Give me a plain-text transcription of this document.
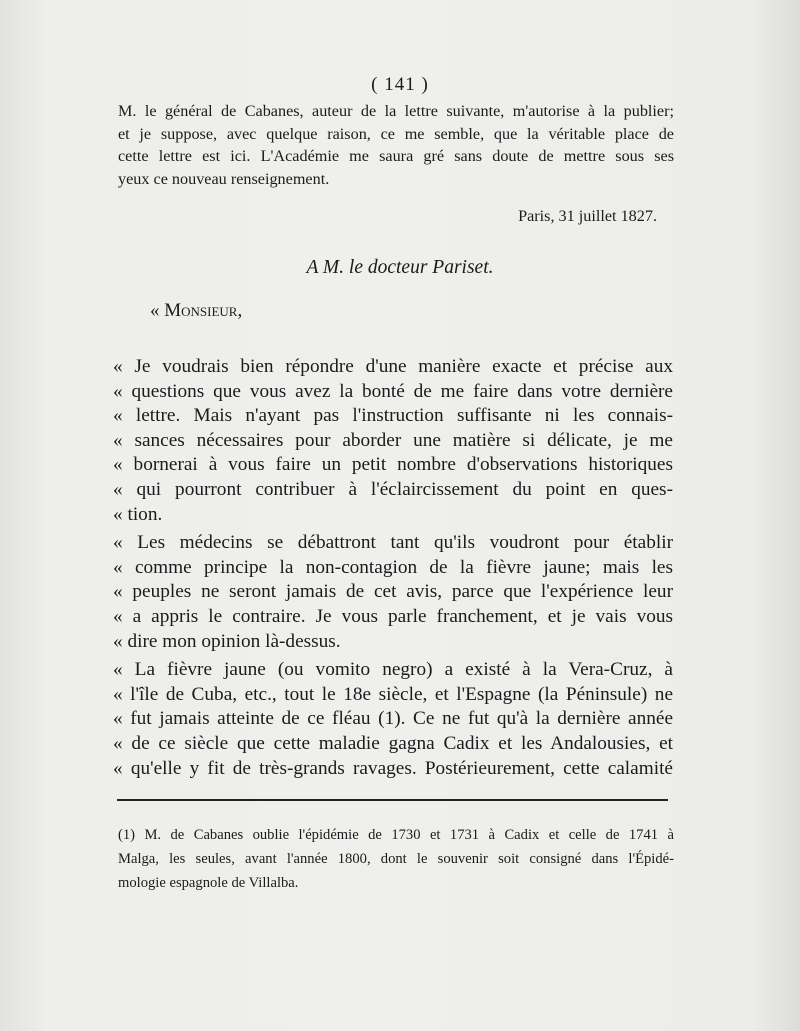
( 141 )

M. le général de Cabanes, auteur de la lettre suivante, m'autorise à la publier;
et je suppose, avec quelque raison, ce me semble, que la véritable place de
cette lettre est ici. L'Académie me saura gré sans doute de mettre sous ses
yeux ce nouveau renseignement.

Paris, 31 juillet 1827.
A M. le docteur Pariset.
« Monsieur,
« Je voudrais bien répondre d'une manière exacte et précise aux
« questions que vous avez la bonté de me faire dans votre dernière
« lettre. Mais n'ayant pas l'instruction suffisante ni les connais-
« sances nécessaires pour aborder une matière si délicate, je me
« bornerai à vous faire un petit nombre d'observations historiques
« qui pourront contribuer à l'éclaircissement du point en ques-
« tion.
« Les médecins se débattront tant qu'ils voudront pour établir
« comme principe la non-contagion de la fièvre jaune; mais les
« peuples ne seront jamais de cet avis, parce que l'expérience leur
« a appris le contraire. Je vous parle franchement, et je vais vous
« dire mon opinion là-dessus.
« La fièvre jaune (ou vomito negro) a existé à la Vera-Cruz, à
« l'île de Cuba, etc., tout le 18e siècle, et l'Espagne (la Péninsule) ne
« fut jamais atteinte de ce fléau (1). Ce ne fut qu'à la dernière année
« de ce siècle que cette maladie gagna Cadix et les Andalousies, et
« qu'elle y fit de très-grands ravages. Postérieurement, cette calamité
(1) M. de Cabanes oublie l'épidémie de 1730 et 1731 à Cadix et celle de 1741 à
Malga, les seules, avant l'année 1800, dont le souvenir soit consigné dans l'Épidé-
mologie espagnole de Villalba.
